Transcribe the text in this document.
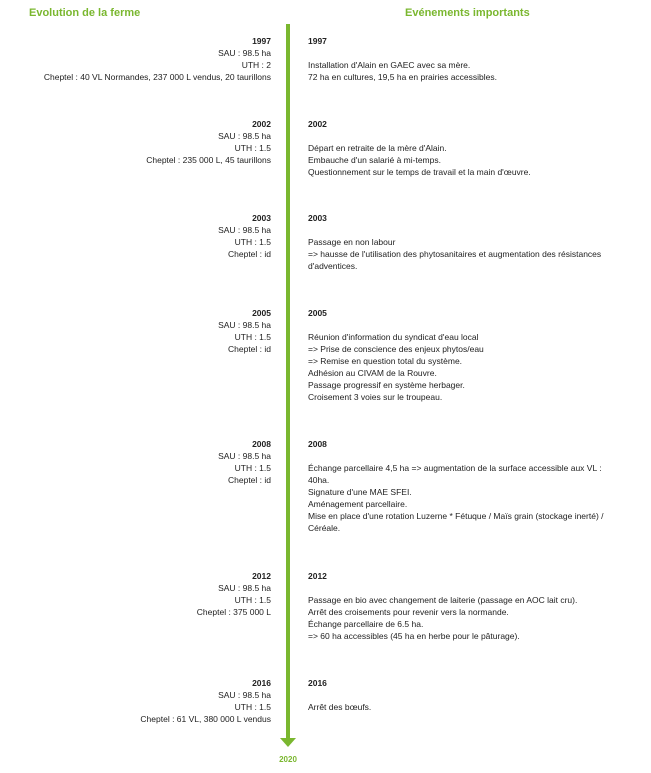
Evolution de la ferme	Evénements importants
2020
1997
SAU : 98.5 ha
UTH : 2
Cheptel : 40 VL Normandes, 237 000 L vendus, 20 taurillons
1997
Installation d'Alain en GAEC avec sa mère.
72 ha en cultures, 19,5 ha en prairies accessibles.
2002
SAU : 98.5 ha
UTH : 1.5
Cheptel : 235 000 L, 45 taurillons
2002
Départ en retraite de la mère d'Alain.
Embauche d'un salarié à mi-temps.
Questionnement sur le temps de travail et la main d'œuvre.
2003
SAU : 98.5 ha
UTH : 1.5
Cheptel : id
2003
Passage en non labour
=> hausse de l'utilisation des phytosanitaires et augmentation des résistances d'adventices.
2005
SAU : 98.5 ha
UTH : 1.5
Cheptel : id
2005
Réunion d'information du syndicat d'eau local
=> Prise de conscience des enjeux phytos/eau
=> Remise en question total du système.
Adhésion au CIVAM de la Rouvre.
Passage progressif en système herbager.
Croisement 3 voies sur le troupeau.
2008
SAU : 98.5 ha
UTH : 1.5
Cheptel : id
2008
Échange parcellaire 4,5 ha => augmentation de la surface accessible aux VL : 40ha.
Signature d'une MAE SFEI.
Aménagement parcellaire.
Mise en place d'une rotation Luzerne * Fétuque / Maïs grain (stockage inerté) / Céréale.
2012
SAU : 98.5 ha
UTH : 1.5
Cheptel : 375 000 L
2012
Passage en bio avec changement de laiterie (passage en AOC lait cru).
Arrêt des croisements pour revenir vers la normande.
Échange parcellaire de 6.5 ha.
=> 60 ha accessibles (45 ha en herbe pour le pâturage).
2016
SAU : 98.5 ha
UTH : 1.5
Cheptel : 61 VL, 380 000 L vendus
2016
Arrêt des bœufs.
